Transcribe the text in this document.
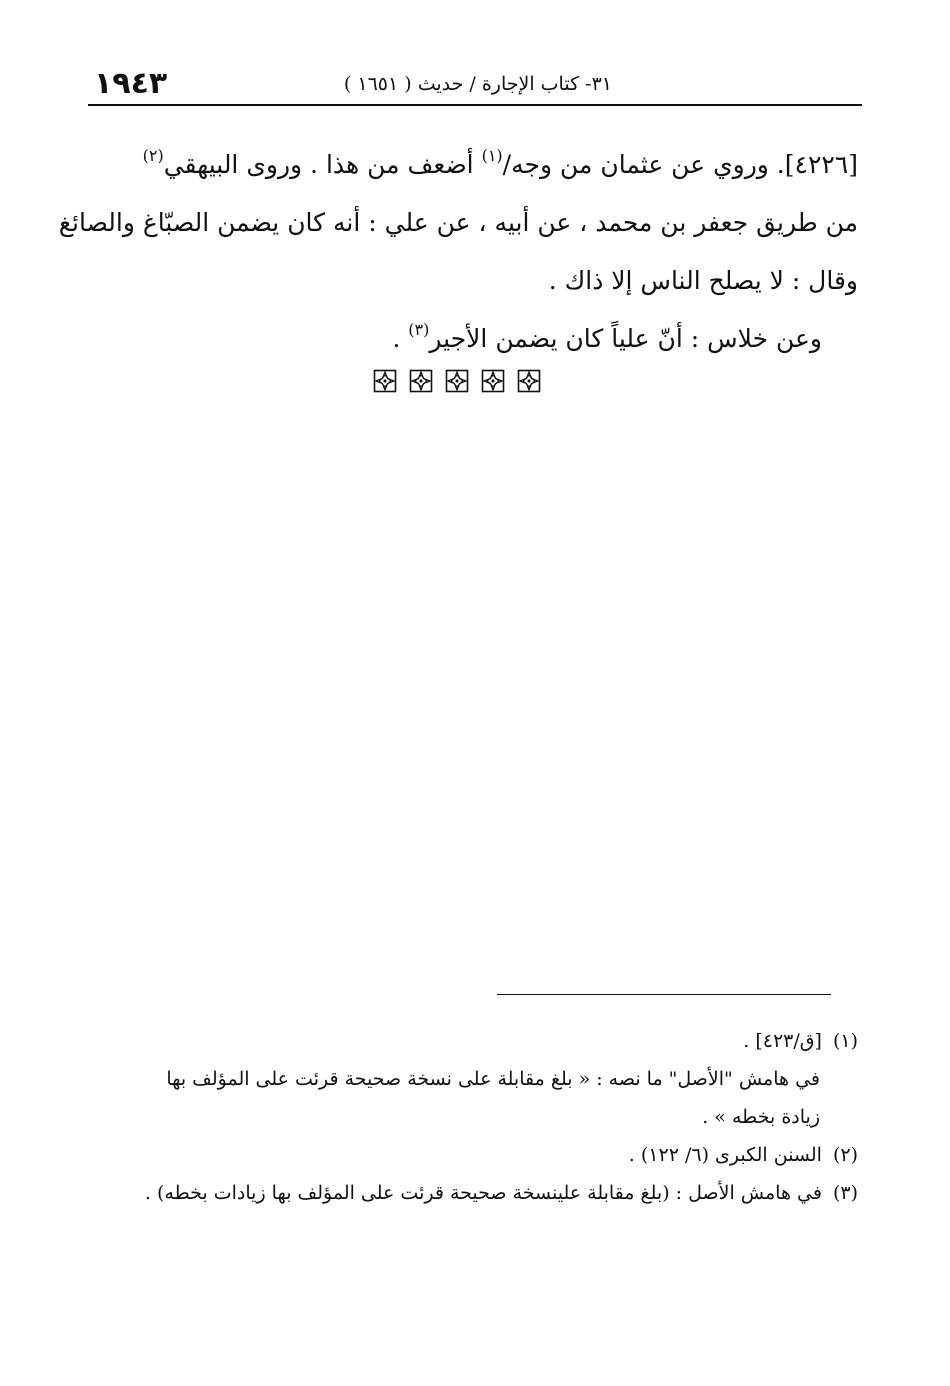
١٩٤٣	٣١- كتاب الإجارة / حديث ( ١٦٥١ )
[٤٢٢٦]. وروي عن عثمان من وجه/$^{(١)}$ أضعف من هذا . وروى البيهقي$^{(٢)}$
من طريق جعفر بن محمد ، عن أبيه ، عن علي : أنه كان يضمن الصبّاغ والصائغ
وقال : لا يصلح الناس إلا ذاك .
وعن خلاس : أنّ علياً كان يضمن الأجير$^{(٣)}$ .
(١) [ق/٤٢٣] .
في هامش "الأصل" ما نصه : « بلغ مقابلة على نسخة صحيحة قرئت على المؤلف بها
زيادة بخطه » .
(٢) السنن الكبرى (٦/ ١٢٢) .
(٣) في هامش الأصل : (بلغ مقابلة علينسخة صحيحة قرئت على المؤلف بها زيادات بخطه) .
